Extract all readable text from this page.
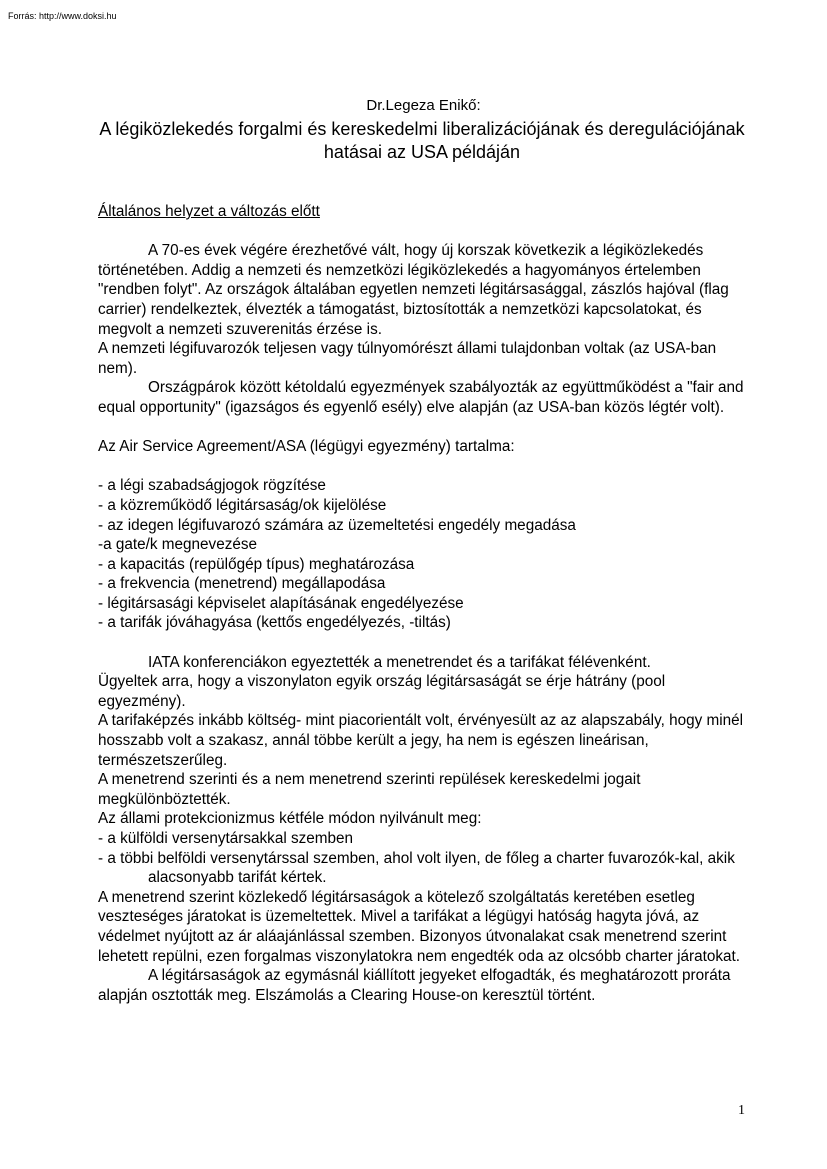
Forrás: http://www.doksi.hu
Dr.Legeza Enikő:
A légiközlekedés forgalmi és kereskedelmi liberalizációjának és deregulációjának hatásai az USA példáján

Általános helyzet a változás előtt

A 70-es évek végére érezhetővé vált, hogy új korszak következik a légiközlekedés történetében. Addig a nemzeti és nemzetközi légiközlekedés a hagyományos értelemben "rendben folyt". Az országok általában egyetlen nemzeti légitársasággal, zászlós hajóval (flag carrier) rendelkeztek, élvezték a támogatást, biztosították a nemzetközi kapcsolatokat, és megvolt a nemzeti szuverenitás érzése is.

A nemzeti légifuvarozók teljesen vagy túlnyomórészt állami tulajdonban voltak (az USA-ban nem).

Országpárok között kétoldalú egyezmények szabályozták az együttműködést a "fair and equal opportunity" (igazságos és egyenlő esély) elve alapján (az USA-ban közös légtér volt).

Az Air Service Agreement/ASA (légügyi egyezmény) tartalma:

- a légi szabadságjogok rögzítése

- a közreműködő légitársaság/ok kijelölése

- az idegen légifuvarozó számára az üzemeltetési engedély megadása

-a gate/k megnevezése

- a kapacitás (repülőgép típus) meghatározása

- a frekvencia (menetrend) megállapodása

- légitársasági képviselet alapításának engedélyezése

- a tarifák jóváhagyása (kettős engedélyezés, -tiltás)

IATA konferenciákon egyeztették a menetrendet és a tarifákat félévenként.

Ügyeltek arra, hogy a viszonylaton egyik ország légitársaságát se érje hátrány (pool egyezmény).

A tarifaképzés inkább költség- mint piacorientált volt, érvényesült az az alapszabály, hogy minél hosszabb volt a szakasz, annál többe került a jegy, ha nem is egészen lineárisan, természetszerűleg.

A menetrend szerinti és a nem menetrend szerinti repülések kereskedelmi jogait megkülönböztették.

Az állami protekcionizmus kétféle módon nyilvánult meg:

- a külföldi versenytársakkal szemben

- a többi belföldi versenytárssal szemben, ahol volt ilyen, de főleg a charter fuvarozók-kal, akik alacsonyabb tarifát kértek.

A menetrend szerint közlekedő légitársaságok a kötelező szolgáltatás keretében esetleg veszteséges járatokat is üzemeltettek. Mivel a tarifákat a légügyi hatóság hagyta jóvá, az védelmet nyújtott az ár aláajánlással szemben. Bizonyos útvonalakat csak menetrend szerint lehetett repülni, ezen forgalmas viszonylatokra nem engedték oda az olcsóbb charter járatokat.

A légitársaságok az egymásnál kiállított jegyeket elfogadták, és meghatározott proráta alapján osztották meg. Elszámolás a Clearing House-on keresztül történt.

1
